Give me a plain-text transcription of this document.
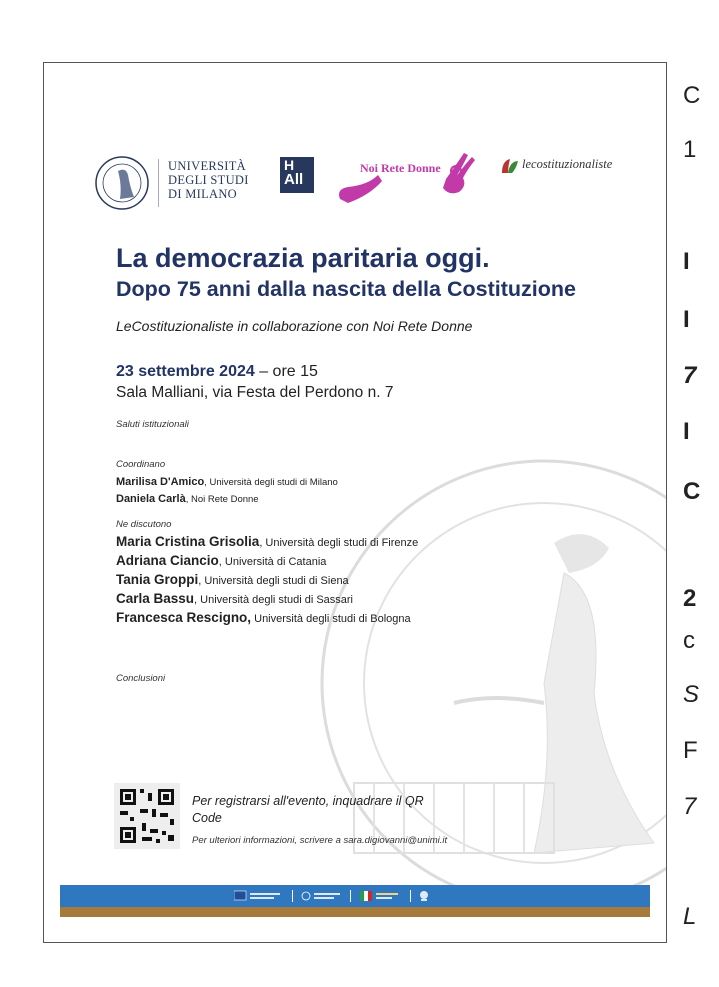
UNIVERSITÀ
DEGLI STUDI
DI MILANO
H
All
Noi Rete Donne	lecostituzionaliste
La democrazia paritaria oggi.
Dopo 75 anni dalla nascita della Costituzione
LeCostituzionaliste in collaborazione con Noi Rete Donne
23 settembre 2024 – ore 15
Sala Malliani, via Festa del Perdono n. 7
Saluti istituzionali
Coordinano
Marilisa D'Amico, Università degli studi di Milano
Daniela Carlà, Noi Rete Donne
Ne discutono
Maria Cristina Grisolia, Università degli studi di Firenze
Adriana Ciancio, Università di Catania
Tania Groppi, Università degli studi di Siena
Carla Bassu, Università degli studi di Sassari
Francesca Rescigno, Università degli studi di Bologna
Conclusioni
Per registrarsi all'evento, inquadrare il QR Code
Per ulteriori informazioni, scrivere a sara.digiovanni@unimi.it
C
1
I
I
7
I
C
2
c
S
F
7
L
